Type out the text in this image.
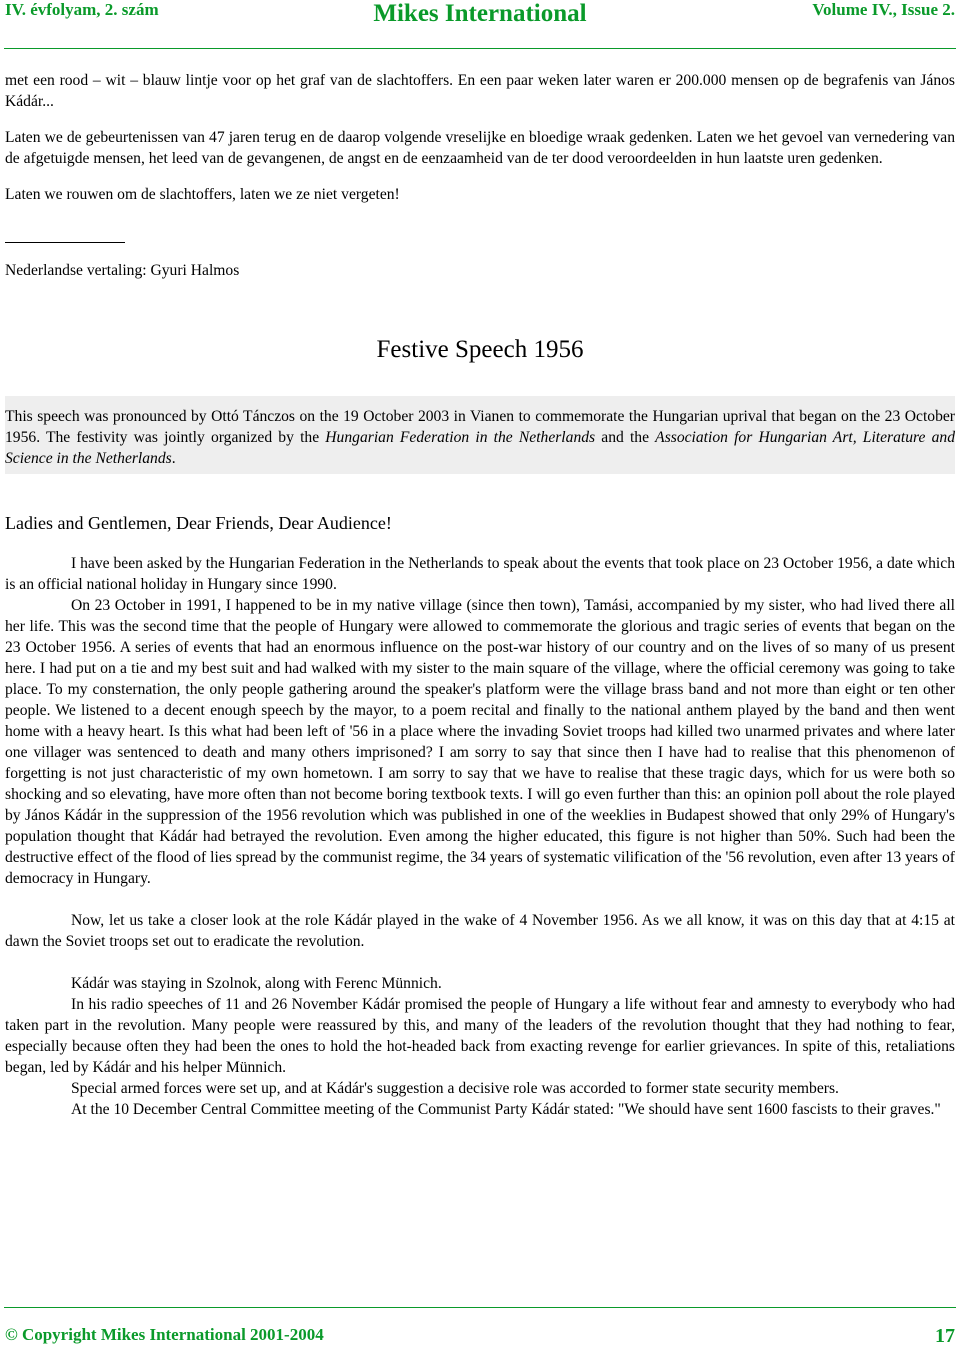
IV. évfolyam, 2. szám	Mikes International	Volume IV., Issue 2.

met een rood – wit – blauw lintje voor op het graf van de slachtoffers. En een paar weken later waren er 200.000 mensen op de begrafenis van János Kádár...

Laten we de gebeurtenissen van 47 jaren terug en de daarop volgende vreselijke en bloedige wraak gedenken. Laten we het gevoel van vernedering van de afgetuigde mensen, het leed van de gevangenen, de angst en de eenzaamheid van de ter dood veroordeelden in hun laatste uren gedenken.

Laten we rouwen om de slachtoffers, laten we ze niet vergeten!

Nederlandse vertaling: Gyuri Halmos

Festive Speech 1956

This speech was pronounced by Ottó Tánczos on the 19 October 2003 in Vianen to commemorate the Hungarian uprival that began on the 23 October 1956. The festivity was jointly organized by the Hungarian Federation in the Netherlands and the Association for Hungarian Art, Literature and Science in the Netherlands.

Ladies and Gentlemen, Dear Friends, Dear Audience!

I have been asked by the Hungarian Federation in the Netherlands to speak about the events that took place on 23 October 1956, a date which is an official national holiday in Hungary since 1990.

On 23 October in 1991, I happened to be in my native village (since then town), Tamási, accompanied by my sister, who had lived there all her life. This was the second time that the people of Hungary were allowed to commemorate the glorious and tragic series of events that began on the 23 October 1956. A series of events that had an enormous influence on the post-war history of our country and on the lives of so many of us present here. I had put on a tie and my best suit and had walked with my sister to the main square of the village, where the official ceremony was going to take place. To my consternation, the only people gathering around the speaker's platform were the village brass band and not more than eight or ten other people. We listened to a decent enough speech by the mayor, to a poem recital and finally to the national anthem played by the band and then went home with a heavy heart. Is this what had been left of '56 in a place where the invading Soviet troops had killed two unarmed privates and where later one villager was sentenced to death and many others imprisoned? I am sorry to say that since then I have had to realise that this phenomenon of forgetting is not just characteristic of my own hometown. I am sorry to say that we have to realise that these tragic days, which for us were both so shocking and so elevating, have more often than not become boring textbook texts. I will go even further than this: an opinion poll about the role played by János Kádár in the suppression of the 1956 revolution which was published in one of the weeklies in Budapest showed that only 29% of Hungary's population thought that Kádár had betrayed the revolution. Even among the higher educated, this figure is not higher than 50%. Such had been the destructive effect of the flood of lies spread by the communist regime, the 34 years of systematic vilification of the '56 revolution, even after 13 years of democracy in Hungary.

Now, let us take a closer look at the role Kádár played in the wake of 4 November 1956. As we all know, it was on this day that at 4:15 at dawn the Soviet troops set out to eradicate the revolution.

Kádár was staying in Szolnok, along with Ferenc Münnich.

In his radio speeches of 11 and 26 November Kádár promised the people of Hungary a life without fear and amnesty to everybody who had taken part in the revolution. Many people were reassured by this, and many of the leaders of the revolution thought that they had nothing to fear, especially because often they had been the ones to hold the hot-headed back from exacting revenge for earlier grievances. In spite of this, retaliations began, led by Kádár and his helper Münnich.

Special armed forces were set up, and at Kádár's suggestion a decisive role was accorded to former state security members.

At the 10 December Central Committee meeting of the Communist Party Kádár stated: "We should have sent 1600 fascists to their graves."

© Copyright Mikes International 2001-2004	17
